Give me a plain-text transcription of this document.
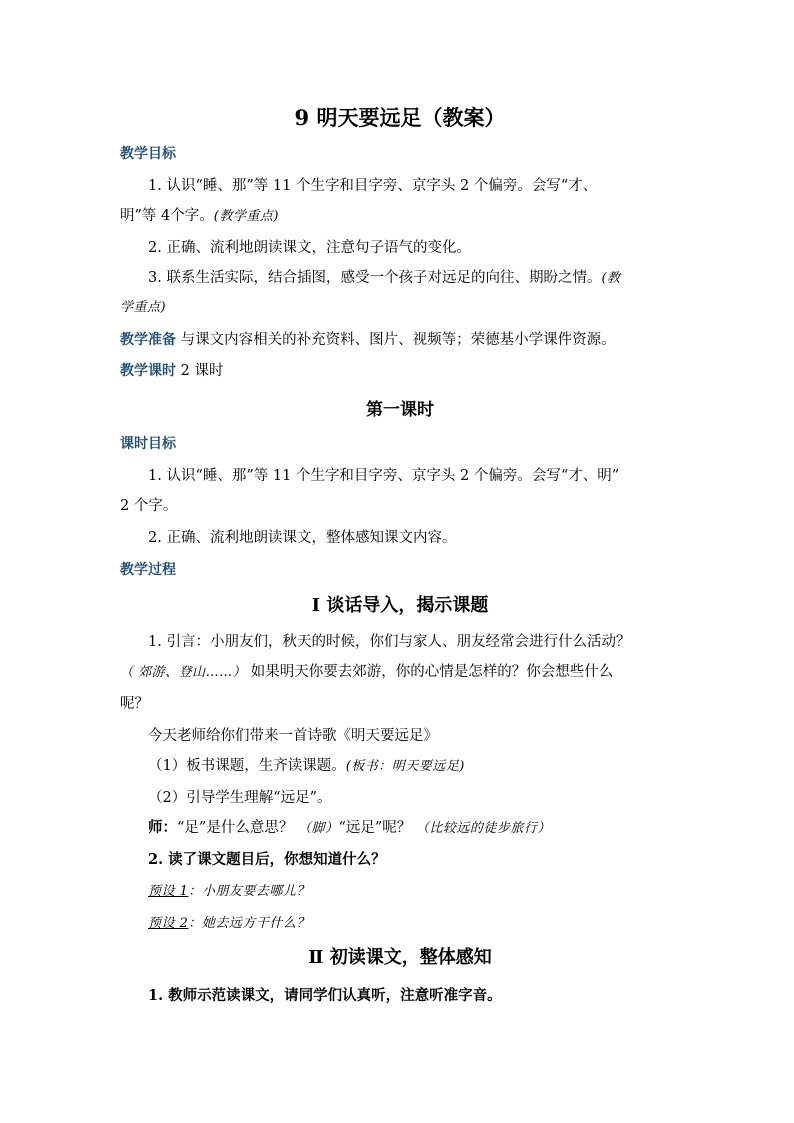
9 明天要远足（教案）
教学目标
1. 认识“睡、那”等 11 个生字和目字旁、京字头 2 个偏旁。会写“才、
明”等 4个字。(教学重点)
2. 正确、流利地朗读课文，注意句子语气的变化。
3. 联系生活实际，结合插图，感受一个孩子对远足的向往、期盼之情。(教
学重点)
教学准备 与课文内容相关的补充资料、图片、视频等；荣德基小学课件资源。
教学课时 2 课时
第一课时
课时目标
1. 认识“睡、那”等 11 个生字和目字旁、京字头 2 个偏旁。会写“才、明”
2 个字。
2. 正确、流利地朗读课文，整体感知课文内容。
教学过程
Ⅰ 谈话导入，揭示课题
1. 引言：小朋友们，秋天的时候，你们与家人、朋友经常会进行什么活动？
（ 郊游、登山……） 如果明天你要去郊游，你的心情是怎样的？你会想些什么
呢？
今天老师给你们带来一首诗歌《明天要远足》
（1）板书课题，生齐读课题。(板书：明天要远足)
（2）引导学生理解“远足”。
师：“足”是什么意思？ （脚）“远足”呢？ （比较远的徒步旅行）
2. 读了课文题目后，你想知道什么？
预设 1：小朋友要去哪儿？
预设 2：她去远方干什么？
Ⅱ 初读课文，整体感知
1. 教师示范读课文，请同学们认真听，注意听准字音。
